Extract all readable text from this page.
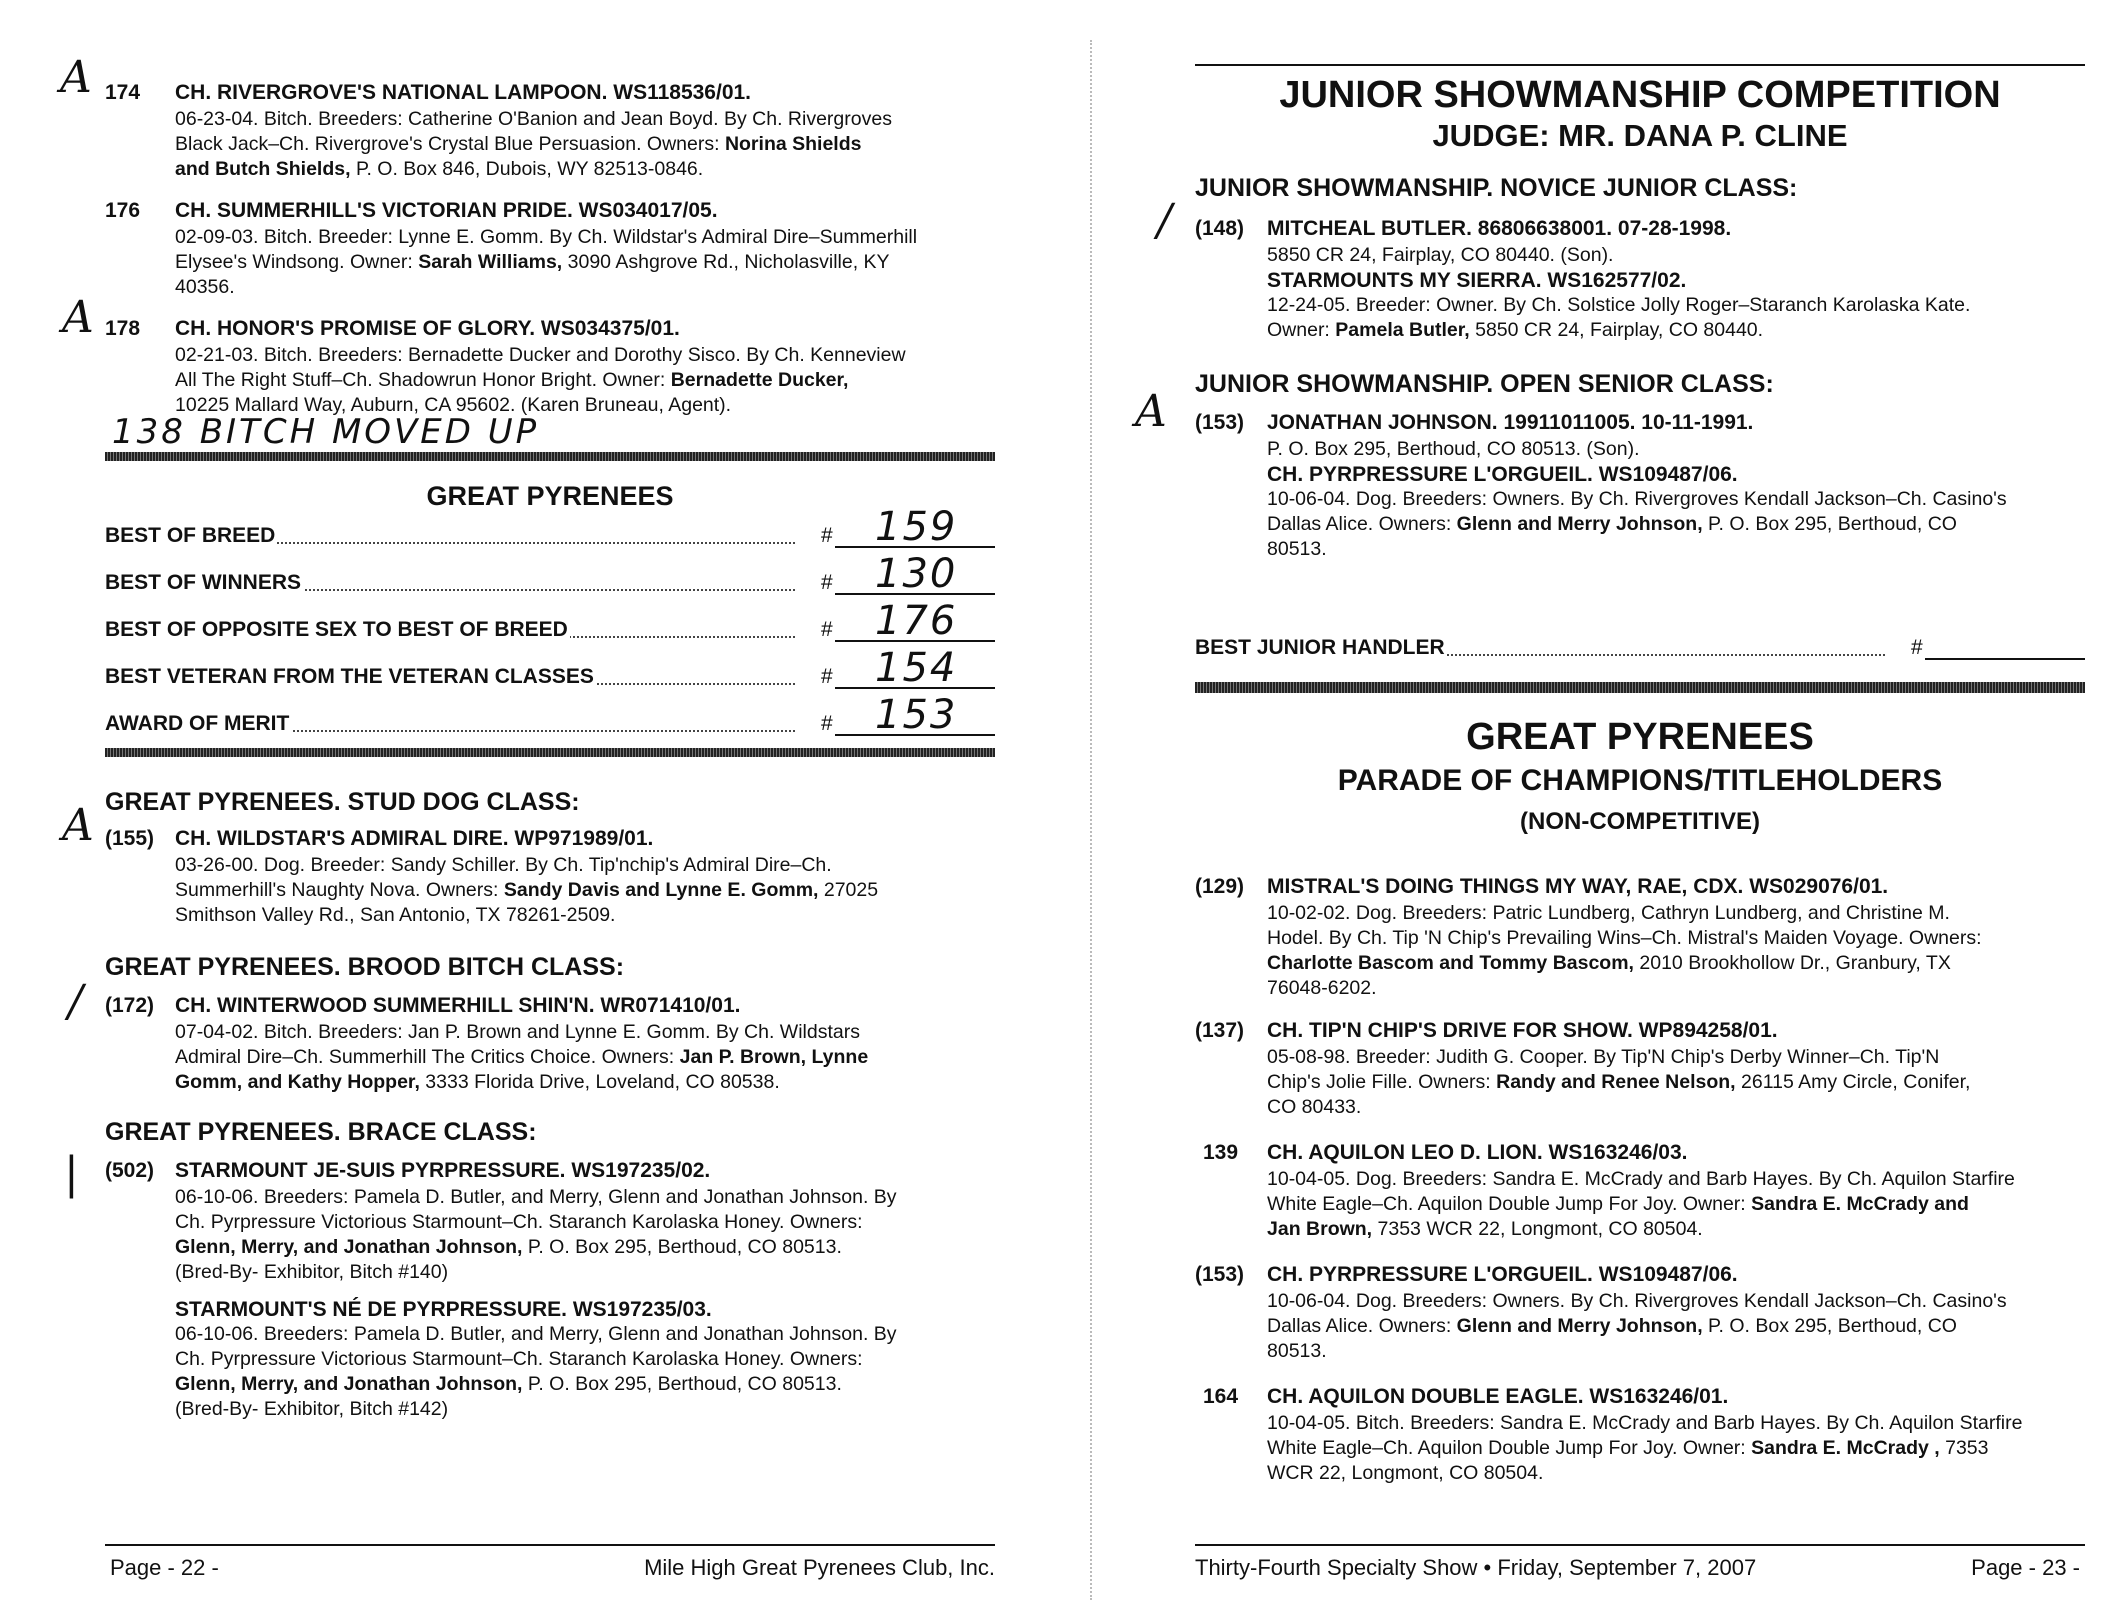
A
A
A
/
|
174 CH. RIVERGROVE'S NATIONAL LAMPOON. WS118536/01.
06-23-04. Bitch. Breeders: Catherine O'Banion and Jean Boyd. By Ch. Rivergroves
Black Jack–Ch. Rivergrove's Crystal Blue Persuasion. Owners: Norina Shields
and Butch Shields, P. O. Box 846, Dubois, WY 82513-0846.
176 CH. SUMMERHILL'S VICTORIAN PRIDE. WS034017/05.
02-09-03. Bitch. Breeder: Lynne E. Gomm. By Ch. Wildstar's Admiral Dire–Summerhill
Elysee's Windsong. Owner: Sarah Williams, 3090 Ashgrove Rd., Nicholasville, KY
40356.
178 CH. HONOR'S PROMISE OF GLORY. WS034375/01.
02-21-03. Bitch. Breeders: Bernadette Ducker and Dorothy Sisco. By Ch. Kenneview
All The Right Stuff–Ch. Shadowrun Honor Bright. Owner: Bernadette Ducker,
10225 Mallard Way, Auburn, CA 95602. (Karen Bruneau, Agent).
138 BITCH MOVED UP
GREAT PYRENEES
BEST OF BREED	# 159
BEST OF WINNERS	# 130
BEST OF OPPOSITE SEX TO BEST OF BREED	# 176
BEST VETERAN FROM THE VETERAN CLASSES	# 154
AWARD OF MERIT	# 153
GREAT PYRENEES. STUD DOG CLASS:
(155) CH. WILDSTAR'S ADMIRAL DIRE. WP971989/01.
03-26-00. Dog. Breeder: Sandy Schiller. By Ch. Tip'nchip's Admiral Dire–Ch.
Summerhill's Naughty Nova. Owners: Sandy Davis and Lynne E. Gomm, 27025
Smithson Valley Rd., San Antonio, TX 78261-2509.
GREAT PYRENEES. BROOD BITCH CLASS:
(172) CH. WINTERWOOD SUMMERHILL SHIN'N. WR071410/01.
07-04-02. Bitch. Breeders: Jan P. Brown and Lynne E. Gomm. By Ch. Wildstars
Admiral Dire–Ch. Summerhill The Critics Choice. Owners: Jan P. Brown, Lynne
Gomm, and Kathy Hopper, 3333 Florida Drive, Loveland, CO 80538.
GREAT PYRENEES. BRACE CLASS:
(502) STARMOUNT JE-SUIS PYRPRESSURE. WS197235/02.
06-10-06. Breeders: Pamela D. Butler, and Merry, Glenn and Jonathan Johnson. By
Ch. Pyrpressure Victorious Starmount–Ch. Staranch Karolaska Honey. Owners:
Glenn, Merry, and Jonathan Johnson, P. O. Box 295, Berthoud, CO 80513.
(Bred-By- Exhibitor, Bitch #140)
STARMOUNT'S NÉ DE PYRPRESSURE. WS197235/03.
06-10-06. Breeders: Pamela D. Butler, and Merry, Glenn and Jonathan Johnson. By
Ch. Pyrpressure Victorious Starmount–Ch. Staranch Karolaska Honey. Owners:
Glenn, Merry, and Jonathan Johnson, P. O. Box 295, Berthoud, CO 80513.
(Bred-By- Exhibitor, Bitch #142)
Page - 22 -	Mile High Great Pyrenees Club, Inc.
/
A
JUNIOR SHOWMANSHIP COMPETITION
JUDGE: MR. DANA P. CLINE
JUNIOR SHOWMANSHIP. NOVICE JUNIOR CLASS:
(148) MITCHEAL BUTLER. 86806638001. 07-28-1998.
5850 CR 24, Fairplay, CO 80440. (Son).
STARMOUNTS MY SIERRA. WS162577/02.
12-24-05. Breeder: Owner. By Ch. Solstice Jolly Roger–Staranch Karolaska Kate.
Owner: Pamela Butler, 5850 CR 24, Fairplay, CO 80440.
JUNIOR SHOWMANSHIP. OPEN SENIOR CLASS:
(153) JONATHAN JOHNSON. 19911011005. 10-11-1991.
P. O. Box 295, Berthoud, CO 80513. (Son).
CH. PYRPRESSURE L'ORGUEIL. WS109487/06.
10-06-04. Dog. Breeders: Owners. By Ch. Rivergroves Kendall Jackson–Ch. Casino's
Dallas Alice. Owners: Glenn and Merry Johnson, P. O. Box 295, Berthoud, CO
80513.
BEST JUNIOR HANDLER	#
GREAT PYRENEES
PARADE OF CHAMPIONS/TITLEHOLDERS
(NON-COMPETITIVE)
(129) MISTRAL'S DOING THINGS MY WAY, RAE, CDX. WS029076/01.
10-02-02. Dog. Breeders: Patric Lundberg, Cathryn Lundberg, and Christine M.
Hodel. By Ch. Tip 'N Chip's Prevailing Wins–Ch. Mistral's Maiden Voyage. Owners:
Charlotte Bascom and Tommy Bascom, 2010 Brookhollow Dr., Granbury, TX
76048-6202.
(137) CH. TIP'N CHIP'S DRIVE FOR SHOW. WP894258/01.
05-08-98. Breeder: Judith G. Cooper. By Tip'N Chip's Derby Winner–Ch. Tip'N
Chip's Jolie Fille. Owners: Randy and Renee Nelson, 26115 Amy Circle, Conifer,
CO 80433.
139 CH. AQUILON LEO D. LION. WS163246/03.
10-04-05. Dog. Breeders: Sandra E. McCrady and Barb Hayes. By Ch. Aquilon Starfire
White Eagle–Ch. Aquilon Double Jump For Joy. Owner: Sandra E. McCrady and
Jan Brown, 7353 WCR 22, Longmont, CO 80504.
(153) CH. PYRPRESSURE L'ORGUEIL. WS109487/06.
10-06-04. Dog. Breeders: Owners. By Ch. Rivergroves Kendall Jackson–Ch. Casino's
Dallas Alice. Owners: Glenn and Merry Johnson, P. O. Box 295, Berthoud, CO
80513.
164 CH. AQUILON DOUBLE EAGLE. WS163246/01.
10-04-05. Bitch. Breeders: Sandra E. McCrady and Barb Hayes. By Ch. Aquilon Starfire
White Eagle–Ch. Aquilon Double Jump For Joy. Owner: Sandra E. McCrady , 7353
WCR 22, Longmont, CO 80504.
Thirty-Fourth Specialty Show • Friday, September 7, 2007	Page - 23 -
